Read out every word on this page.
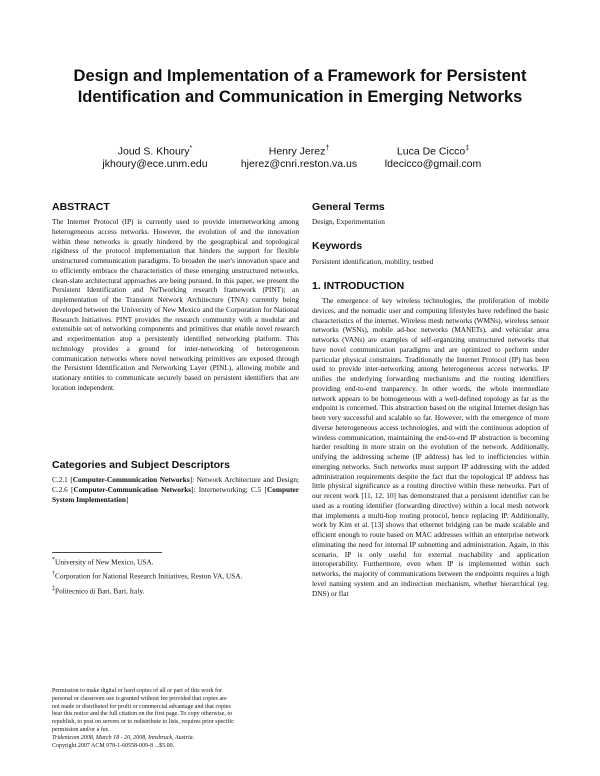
Design and Implementation of a Framework for Persistent Identification and Communication in Emerging Networks
Joud S. Khoury*
jkhoury@ece.unm.edu
Henry Jerez†
hjerez@cnri.reston.va.us
Luca De Cicco‡
ldecicco@gmail.com
ABSTRACT
The Internet Protocol (IP) is currently used to provide internetworking among heterogeneous access networks. However, the evolution of and the innovation within these networks is greatly hindered by the geographical and topological rigidness of the protocol implementation that hinders the support for flexible unstructured communication paradigms. To broaden the user's innovation space and to efficiently embrace the characteristics of these emerging unstructured networks, clean-slate architectural approaches are being pursued. In this paper, we present the Persistent Identification and NeTworking research framework (PINT); an implementation of the Transient Network Architecture (TNA) currently being developed between the University of New Mexico and the Corporation for National Research Initiatives. PINT provides the research community with a modular and extensible set of networking components and primitives that enable novel research and experimentation atop a persistently identified networking platform. This technology provides a ground for inter-networking of heterogeneous communication networks where novel networking primitives are exposed through the Persistent Identification and Networking Layer (PINL), allowing mobile and stationary entities to communicate securely based on persistent identifiers that are location independent.
Categories and Subject Descriptors
C.2.1 [Computer-Communication Networks]: Network Architecture and Design; C.2.6 [Computer-Communication Networks]: Internetworking; C.5 [Computer System Implementation]
*University of New Mexico, USA.
†Corporation for National Research Initiatives, Reston VA, USA.
‡Politecnico di Bari, Bari, Italy.
Permission to make digital or hard copies of all or part of this work for
personal or classroom use is granted without fee provided that copies are
not made or distributed for profit or commercial advantage and that copies
bear this notice and the full citation on the first page. To copy otherwise, to
republish, to post on servers or to redistribute to lists, requires prior specific
permission and/or a fee.
Tridentcom 2008, March 18 - 20, 2008, Innsbruck, Austria.
Copyright 2007 ACM 978-1-60558-009-8 ...$5.00.
General Terms
Design, Experimentation
Keywords
Persistent identification, mobility, testbed
1. INTRODUCTION
The emergence of key wireless technologies, the proliferation of mobile devices, and the nomadic user and computing lifestyles have redefined the basic characteristics of the internet. Wireless mesh networks (WMNs), wireless sensor networks (WSNs), mobile ad-hoc networks (MANETs), and vehicular area networks (VANs) are examples of self-organizing unstructured networks that have novel communication paradigms and are optimized to perform under particular physical constraints. Traditionally the Internet Protocol (IP) has been used to provide inter-networking among heterogeneous access networks. IP unifies the underlying forwarding mechanisms and the routing identifiers providing end-to-end tranparency. In other words, the whole intermediate network appears to be homogeneous with a well-defined topology as far as the endpoint is concerned. This abstraction based on the original Internet design has been very successful and scalable so far. However, with the emergence of more diverse heterogeneous access technologies, and with the continuous adoption of wireless communication, maintaining the end-to-end IP abstraction is becoming harder resulting in more strain on the evolution of the network. Additionally, unifying the addressing scheme (IP address) has led to inefficiencies within emerging networks. Such networks must support IP addressing with the added administration requirements despite the fact that the topological IP address has little physical significance as a routing directive within these networks. Part of our recent work [11, 12, 10] has demonstrated that a persistent identifier can be used as a routing identifier (forwarding directive) within a local mesh network that implements a multi-hop routing protocol, hence replacing IP. Additionally, work by Kim et al. [13] shows that ethernet bridging can be made scalable and efficient enough to route based on MAC addresses within an enterprise network eliminating the need for internal IP subnetting and administration. Again, in this scenario, IP is only useful for external reachability and application interoperability. Furthermore, even when IP is implemented within such networks, the majority of communications between the endpoints requires a high level naming system and an indirection mechanism, whether hierarchical (eg. DNS) or flat
